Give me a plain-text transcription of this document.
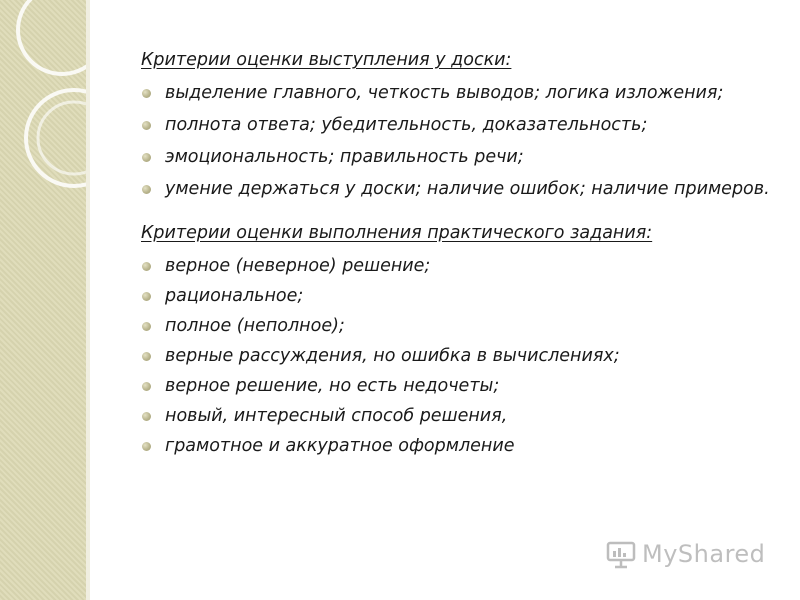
Критерии оценки выступления у доски:
выделение главного, четкость выводов; логика изложения;
полнота ответа; убедительность, доказательность;
эмоциональность; правильность речи;
умение держаться у доски; наличие ошибок; наличие примеров.
Критерии оценки выполнения практического задания:
верное (неверное) решение;
рациональное;
полное (неполное);
верные рассуждения, но ошибка в вычислениях;
верное решение, но есть недочеты;
новый, интересный способ решения,
грамотное и аккуратное оформление
MyShared
